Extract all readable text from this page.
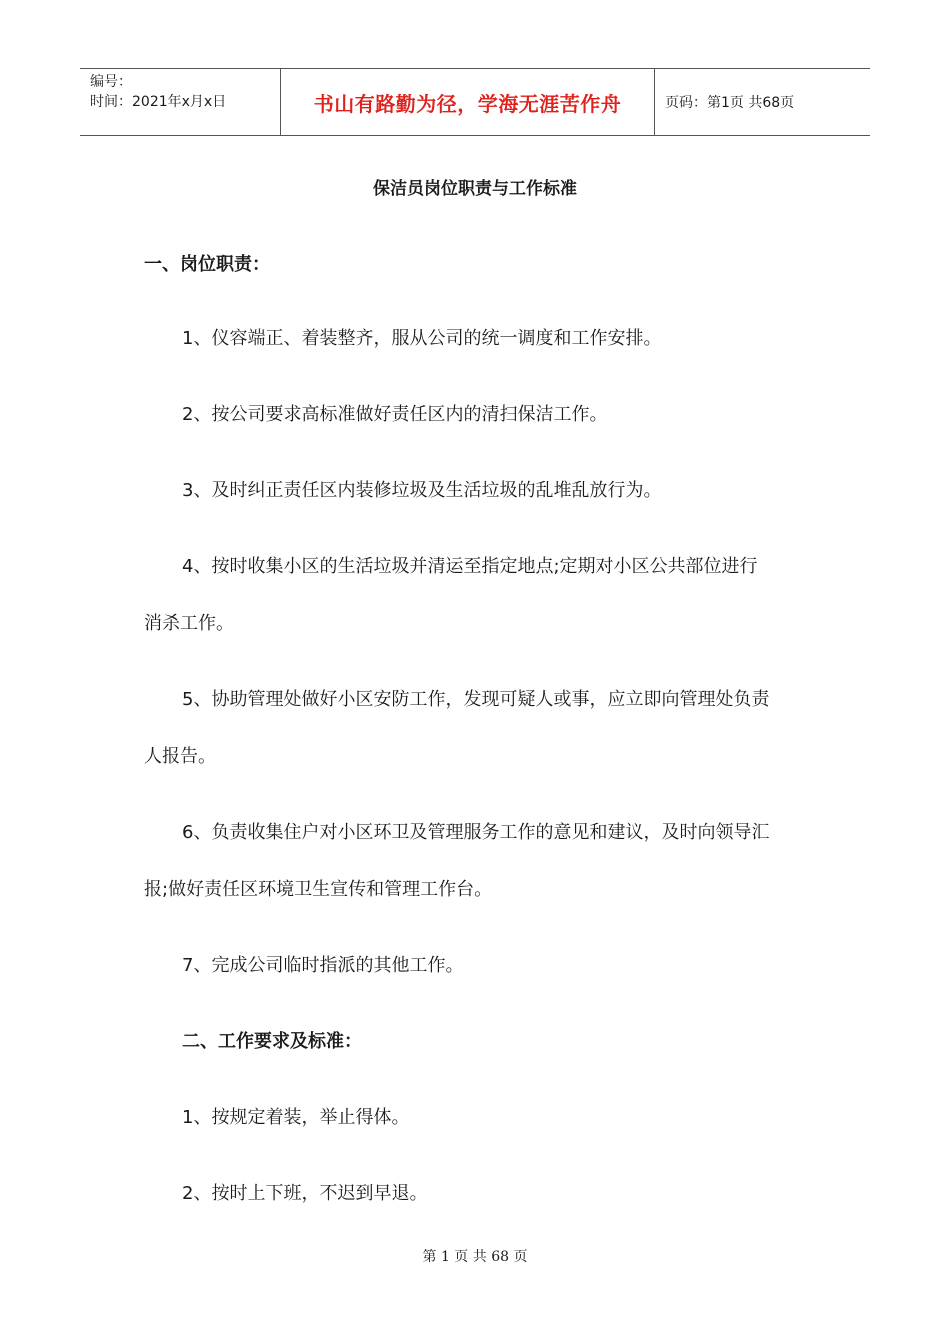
编号：
时间：2021年x月x日	书山有路勤为径，学海无涯苦作舟	页码：第1页 共68页
保洁员岗位职责与工作标准
一、岗位职责：
1、仪容端正、着装整齐，服从公司的统一调度和工作安排。
2、按公司要求高标准做好责任区内的清扫保洁工作。
3、及时纠正责任区内装修垃圾及生活垃圾的乱堆乱放行为。
4、按时收集小区的生活垃圾并清运至指定地点;定期对小区公共部位进行
消杀工作。
5、协助管理处做好小区安防工作，发现可疑人或事，应立即向管理处负责
人报告。
6、负责收集住户对小区环卫及管理服务工作的意见和建议，及时向领导汇
报;做好责任区环境卫生宣传和管理工作台。
7、完成公司临时指派的其他工作。
二、工作要求及标准：
1、按规定着装，举止得体。
2、按时上下班，不迟到早退。
第 1 页 共 68 页
